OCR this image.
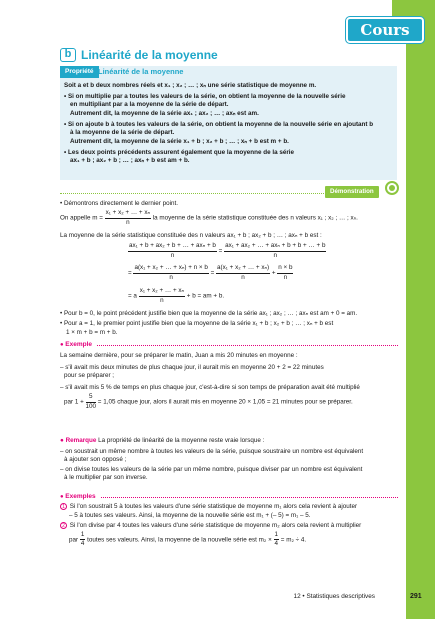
Cours
b Linéarité de la moyenne
Propriété Linéarité de la moyenne

Soit a et b deux nombres réels et x₁ ; x₂ ; … ; xₙ une série statistique de moyenne m.

• Si on multiplie par a toutes les valeurs de la série, on obtient la moyenne de la nouvelle série
en multipliant par a la moyenne de la série de départ.
Autrement dit, la moyenne de la série ax₁ ; ax₂ ; … ; axₙ est am.

• Si on ajoute b à toutes les valeurs de la série, on obtient la moyenne de la nouvelle série en ajoutant b
à la moyenne de la série de départ.
Autrement dit, la moyenne de la série x₁ + b ; x₂ + b ; … ; xₙ + b est m + b.

• Les deux points précédents assurent également que la moyenne de la série
ax₁ + b ; ax₂ + b ; … ; axₙ + b est am + b.

Démonstration
• Démontrons directement le dernier point.
On appelle $m = \frac{\text{x₁ + x₂ + … + xₙ}}{n}$ la moyenne de la série statistique constituée des n valeurs x₁ ; x₂ ; … ; xₙ.
La moyenne de la série statistique constituée des n valeurs ax₁ + b ; ax₂ + b ; … ; axₙ + b est :
$\frac{\text{ax₁ + b + ax₂ + b + … + axₙ + b}}{n} = \frac{\text{ax₁ + ax₂ + … + axₙ + b + b + … + b}}{n}$
= $\frac{\text{a(x₁ + x₂ + … + xₙ) + n × b}}{n} = \frac{\text{a(x₁ + x₂ + … + xₙ)}}{n} + \frac{n \times b}{n}$
= a $\frac{\text{x₁ + x₂ + … + xₙ}}{n} + b$ = am + b.
• Pour b = 0, le point précédent justifie bien que la moyenne de la série ax₁ ; ax₂ ; … ; axₙ est am + 0 = am.
• Pour a = 1, le premier point justifie bien que la moyenne de la série x₁ + b ; x₂ + b ; … ; xₙ + b est
1 × m + b = m + b.
● Exemple
La semaine dernière, pour se préparer le matin, Juan a mis 20 minutes en moyenne :
– s'il avait mis deux minutes de plus chaque jour, il aurait mis en moyenne 20 + 2 = 22 minutes
pour se préparer ;
– s'il avait mis 5 % de temps en plus chaque jour, c'est-à-dire si son temps de préparation avait été multiplié
par $1 + \frac{5}{100} = 1,05$ chaque jour, alors il aurait mis en moyenne 20 × 1,05 = 21 minutes pour se préparer.
● Remarque La propriété de linéarité de la moyenne reste vraie lorsque :
– on soustrait un même nombre à toutes les valeurs de la série, puisque soustraire un nombre est équivalent
à ajouter son opposé ;
– on divise toutes les valeurs de la série par un même nombre, puisque diviser par un nombre est équivalent
à le multiplier par son inverse.
● Exemples
1 Si l'on soustrait 5 à toutes les valeurs d'une série statistique de moyenne m₁ alors cela revient à ajouter
– 5 à toutes ses valeurs. Ainsi, la moyenne de la nouvelle série est m₁ + (– 5) = m₁ – 5.
2 Si l'on divise par 4 toutes les valeurs d'une série statistique de moyenne m₂ alors cela revient à multiplier
par $\frac{1}{4}$ toutes ses valeurs. Ainsi, la moyenne de la nouvelle série est $m_2 \times \frac{1}{4} = m_2 \div 4$.
12 • Statistiques descriptives	291
